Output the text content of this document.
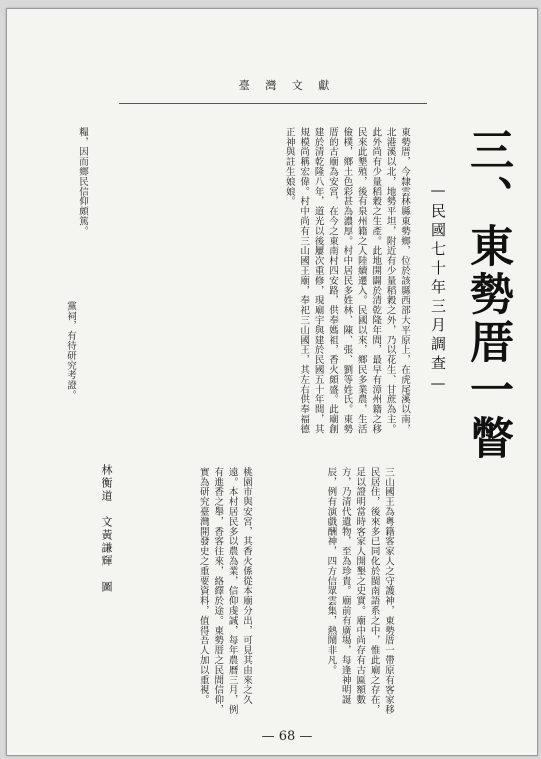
臺 灣 文 獻
三、東勢厝一瞥
—民國七十年三月調查—
東勢厝，今隸雲林縣東勢鄉，位於該縣西部大平原上，在虎尾溪以南，北港溪以北，地勢平坦，附近有少量稻穀之外，乃以花生、甘蔗為主。此外尚有少量稻穀之生產。此地開闢於清乾隆年間，最早有漳州籍之移民來此墾殖，後有泉州籍之人陸續遷入。民國以來，鄉民多業農，生活儉樸，鄉土色彩甚為濃厚。村中居民多姓林、陳、張、劉等姓氏。東勢厝的古廟為安宮，在今之東南村四安路，供奉媽祖，香火頗盛。此廟創建於清乾隆八年，道光以後屢次重修，現廟宇與建於民國五十年間，其規模尚稱宏偉。村中尚有三山國王廟，奉祀三山國王，其左右供奉福德正神與註生娘娘。
糧，因而鄉民信仰頗篤。
黨祠，有待研究考證。
林衡道　文
黃謙輝　圖	三山國王為粵籍客家人之守護神，東勢厝一帶原有客家移民居住，後來多已同化於閩南語系之中，惟此廟之存在，足以證明當時客家人開墾之史實。廟中尚存有古匾額數方，乃清代遺物，至為珍貴。廟前有廣場，每逢神明誕辰，例有演戲酬神，四方信眾雲集，熱鬧非凡。
桃園市與安宮，其香火係從本廟分出，可見其由來之久遠。本村居民多以農為業，信仰虔誠，每年農曆三月，例有進香之舉，香客往來，絡繹於途。東勢厝之民間信仰，實為研究臺灣開發史之重要資料，值得吾人加以重視。
— 68 —
